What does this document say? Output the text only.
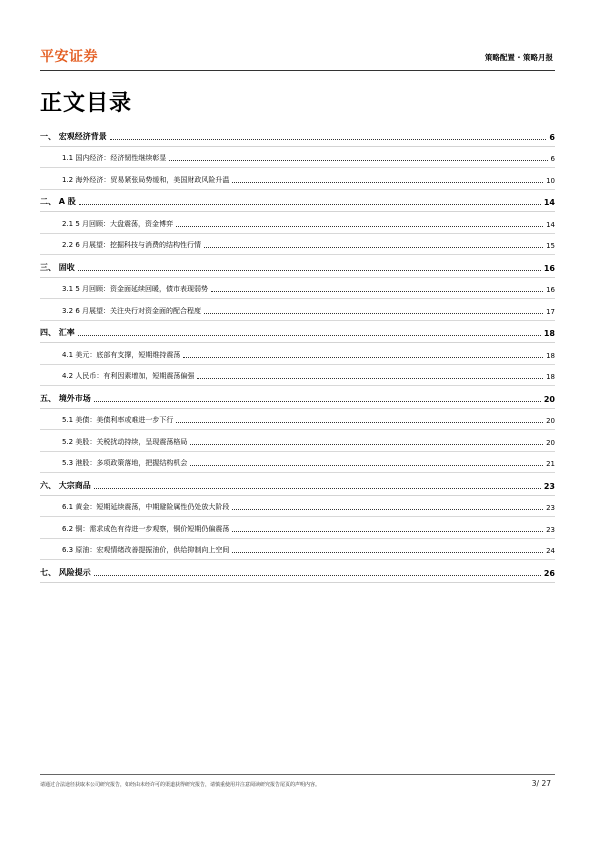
平安证券	策略配置 · 策略月报
正文目录
一、 宏观经济背景	6
1.1 国内经济：经济韧性继续彰显	6
1.2 海外经济：贸易紧张局势缓和，美国财政风险升温	10
二、 A 股	14
2.1 5 月回顾：大盘震荡，资金博弈	14
2.2 6 月展望：挖掘科技与消费的结构性行情	15
三、 固收	16
3.1 5 月回顾：资金面延续回暖，债市表现弱势	16
3.2 6 月展望：关注央行对资金面的配合程度	17
四、 汇率	18
4.1 美元：底部有支撑，短期维持震荡	18
4.2 人民币：有利因素增加，短期震荡偏强	18
五、 境外市场	20
5.1 美债：美债利率或难进一步下行	20
5.2 美股：关税扰动持续，呈现震荡格局	20
5.3 港股：多项政策落地，把握结构机会	21
六、 大宗商品	23
6.1 黄金：短期延续震荡，中期避险属性仍处放大阶段	23
6.2 铜：需求成色有待进一步观察，铜价短期仍偏震荡	23
6.3 原油：宏观情绪改善提振油价，供给抑制向上空间	24
七、 风险提示	26
请通过合法途径获取本公司研究报告，如经由未经许可的渠道获得研究报告，请慎重使用并注意阅读研究报告尾页的声明内容。	3/ 27
